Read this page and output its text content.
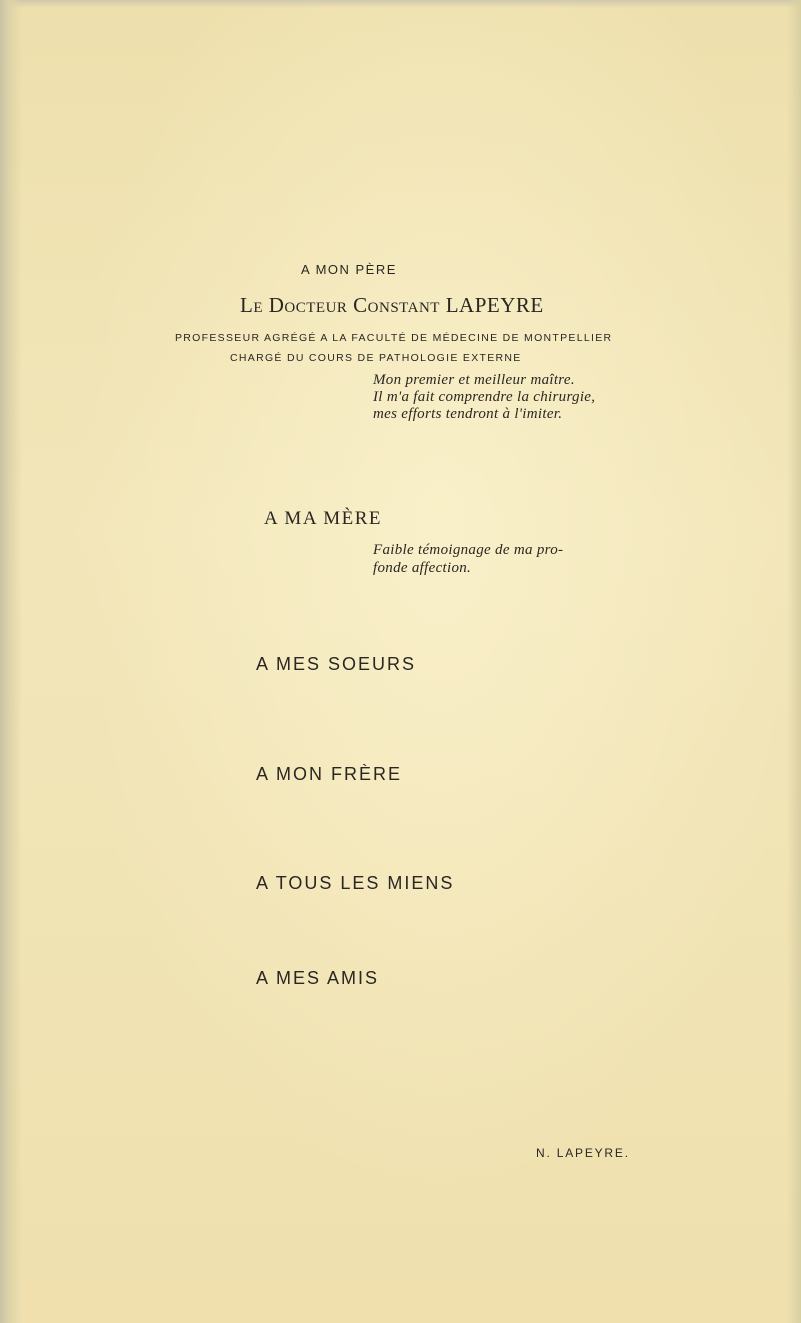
A MON PÈRE
Le Docteur Constant LAPEYRE
PROFESSEUR AGRÉGÉ A LA FACULTÉ DE MÉDECINE DE MONTPELLIER
CHARGÉ DU COURS DE PATHOLOGIE EXTERNE
Mon premier et meilleur maître.
Il m'a fait comprendre la chirurgie,
mes efforts tendront à l'imiter.
A MA MÈRE
Faible témoignage de ma pro-
fonde affection.
A MES SOEURS
A MON FRÈRE
A TOUS LES MIENS
A MES AMIS
N. LAPEYRE.
